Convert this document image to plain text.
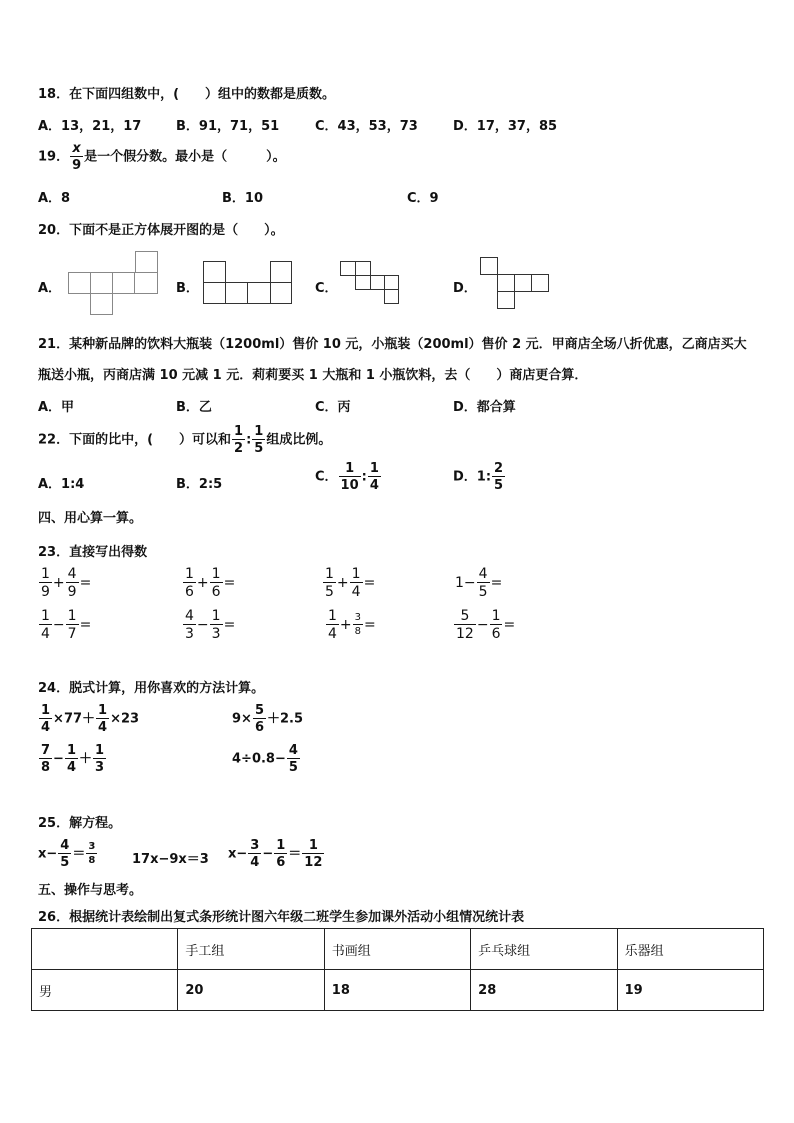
18．在下面四组数中，(　　）组中的数都是质数。
A．13，21，17	B．91，71，51	C．43，53，73	D．17，37，85
19． $\frac{x}{9}$ 是一个假分数。最小是（　　　）。
A．8	B．10	C．9
20．下面不是正方体展开图的是（　　）。
A．	B．	C．	D．
21．某种新品牌的饮料大瓶装（1200ml）售价 10 元，小瓶装（200ml）售价 2 元．甲商店全场八折优惠，乙商店买大
瓶送小瓶，丙商店满 10 元减 1 元．莉莉要买 1 大瓶和 1 小瓶饮料，去（　　）商店更合算．
A．甲	B．乙	C．丙	D．都合算
22．下面的比中，(　　）可以和 $\frac{1}{2}$ : $\frac{1}{5}$ 组成比例。
A．1:4	B．2:5	C． $\frac{1}{10}$ : $\frac{1}{4}$	D．1: $\frac{2}{5}$
四、用心算一算。
23．直接写出得数
$\frac{1}{9} + \frac{4}{9}$ =	$\frac{1}{6} + \frac{1}{6}$ =	$\frac{1}{5} + \frac{1}{4}$ =	$1- \frac{4}{5}$ =
$\frac{1}{4} - \frac{1}{7}$ =	$\frac{4}{3} - \frac{1}{3}$ =	$\frac{1}{4} + \frac{3}{8}$ =	$\frac{5}{12} - \frac{1}{6}$ =
24．脱式计算，用你喜欢的方法计算。
$\frac{1}{4} \times 77+ \frac{1}{4} \times 23$	$9\times \frac{5}{6} +2.5$
$\frac{7}{8} - \frac{1}{4} + \frac{1}{3}$	$4\div 0.8- \frac{4}{5}$
25．解方程。
$x- \frac{4}{5} = \frac{3}{8}$	17x−9x＝3 $x- \frac{3}{4} - \frac{1}{6} = \frac{1}{12}$
五、操作与思考。
26．根据统计表绘制出复式条形统计图六年级二班学生参加课外活动小组情况统计表
	手工组	书画组	乒乓球组	乐器组
男	20	18	28	19
